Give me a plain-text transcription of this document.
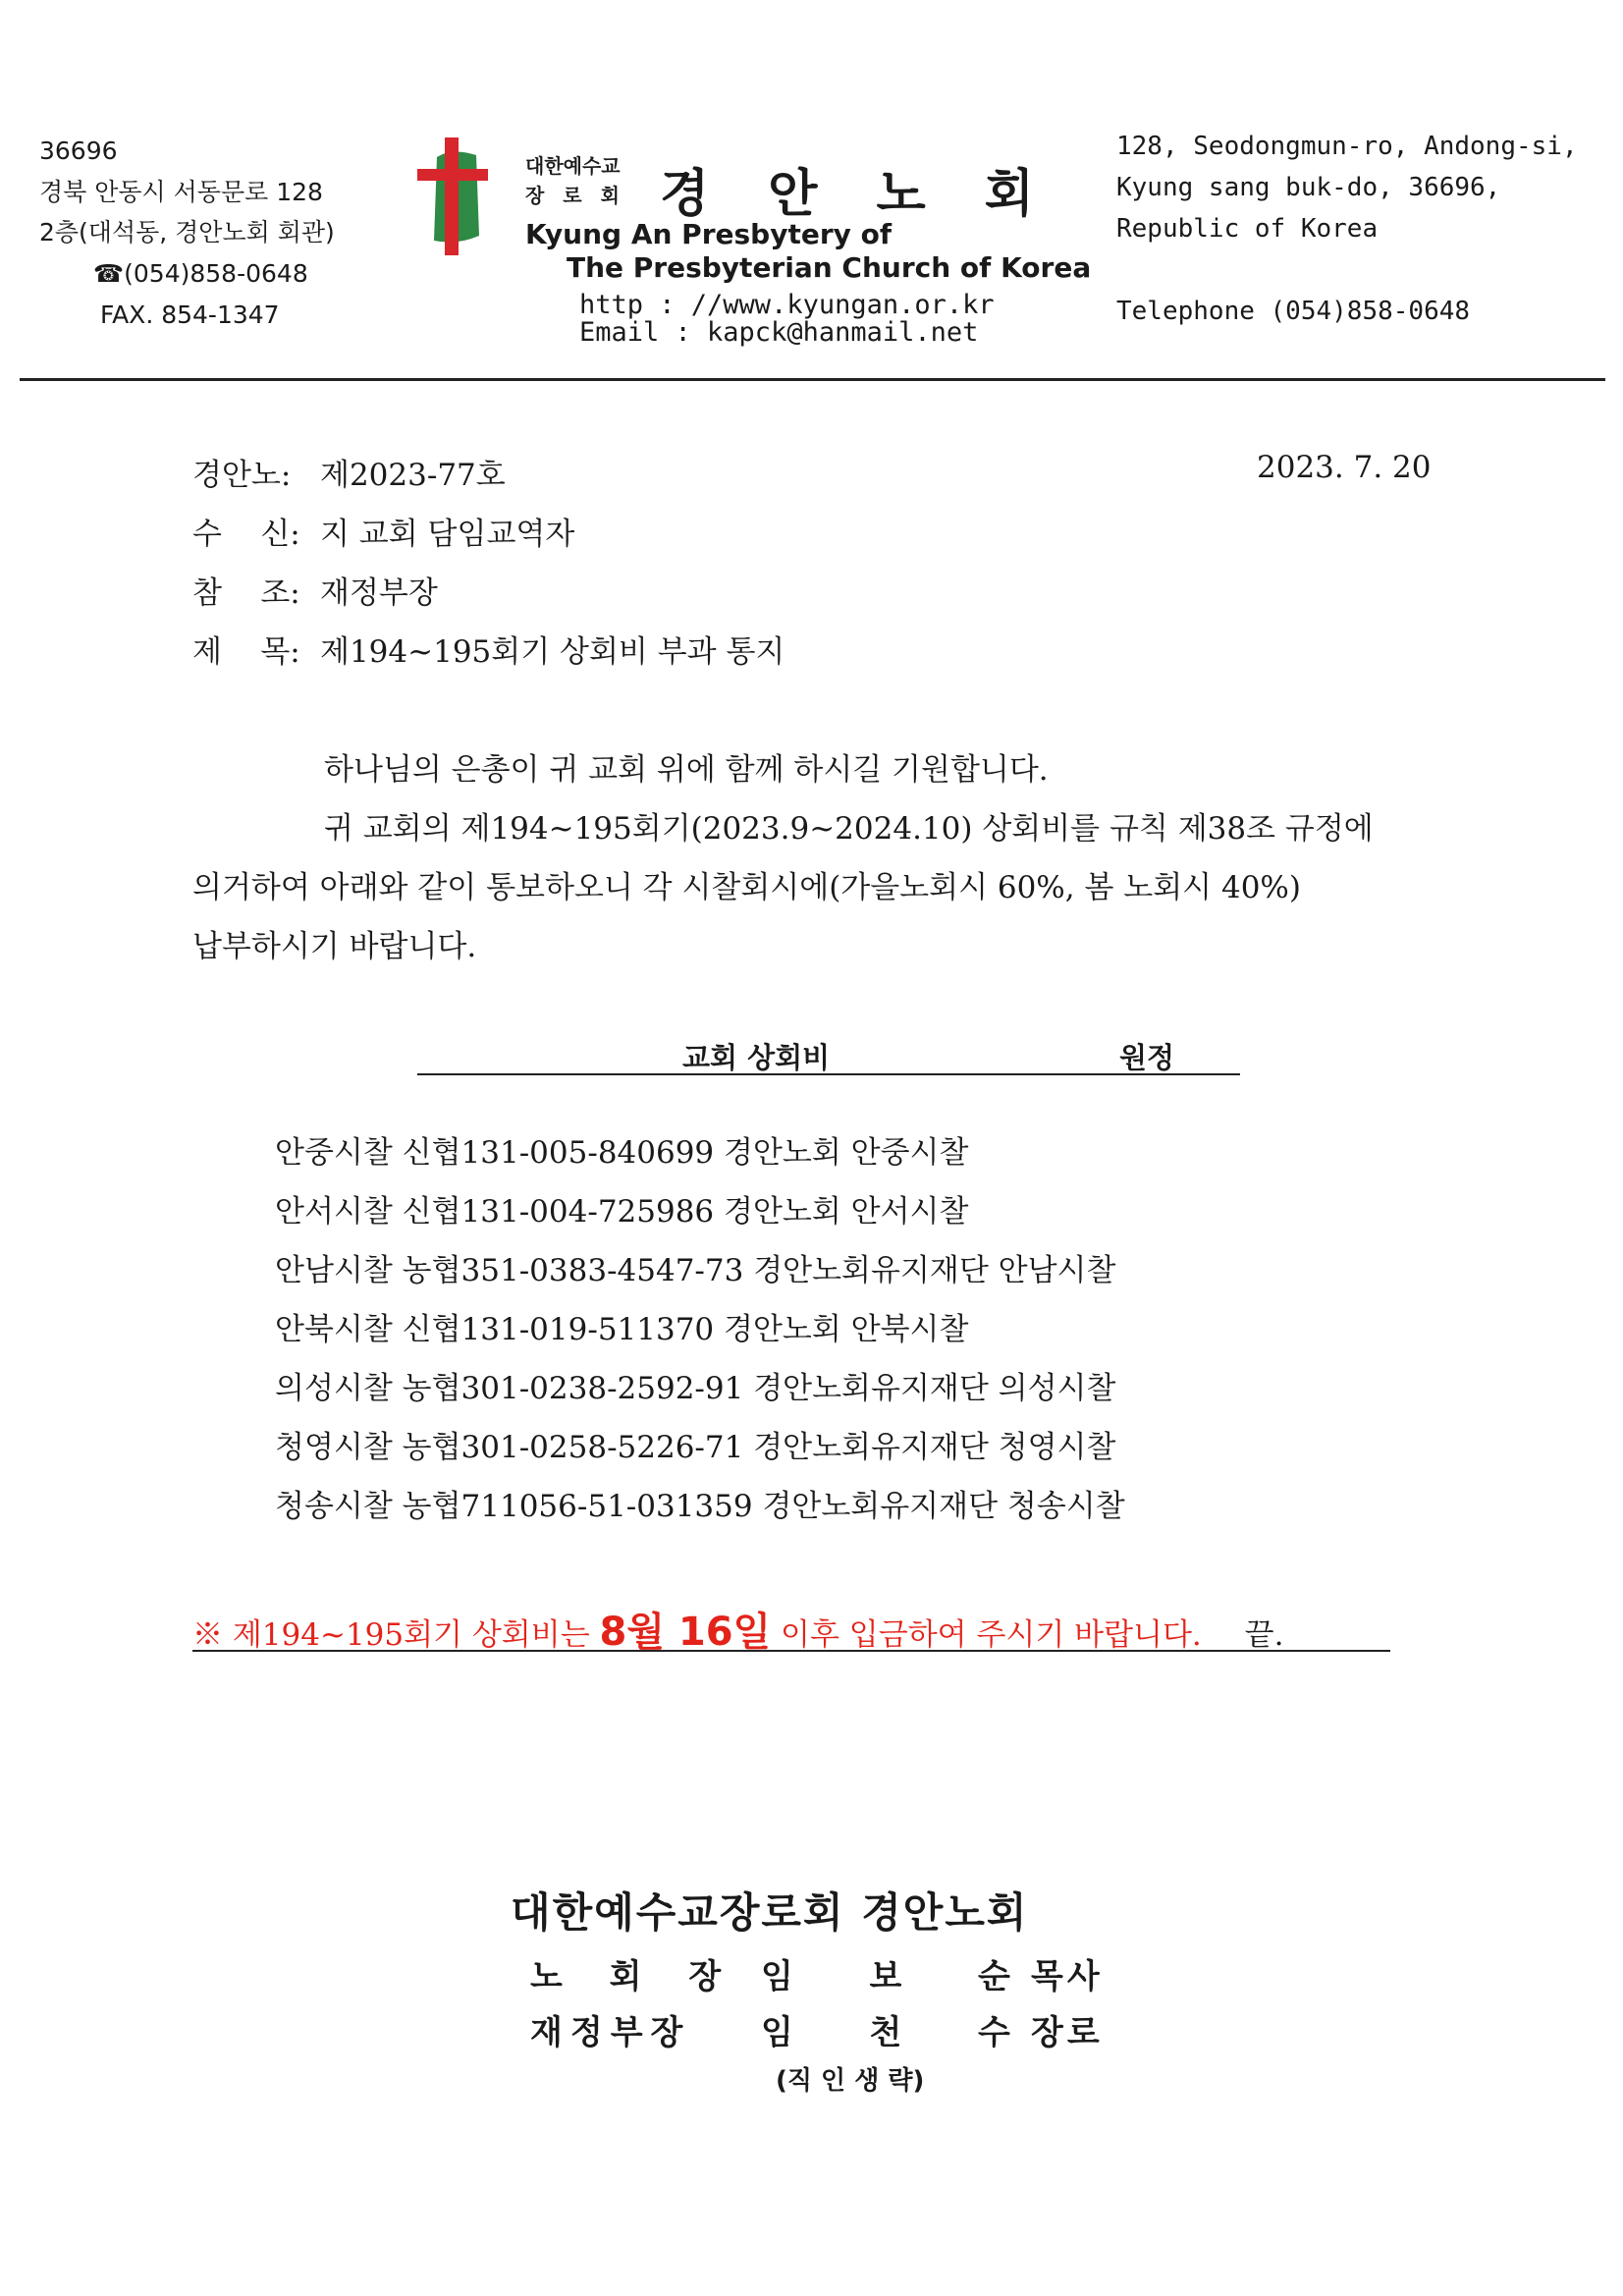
36696
경북 안동시 서동문로 128
2층(대석동, 경안노회 회관)
☎(054)858-0648
FAX. 854-1347
대한예수교
장 로 회 경안노회
Kyung An Presbytery of
The Presbyterian Church of Korea
http : //www.kyungan.or.kr
Email : kapck@hanmail.net
128, Seodongmun-ro, Andong-si,
Kyung sang buk-do, 36696,
Republic of Korea
Telephone (054)858-0648
경안노: 제2023-77호	2023. 7. 20
수    신: 지 교회 담임교역자
참    조: 재정부장
제    목: 제194~195회기 상회비 부과 통지
하나님의 은총이 귀 교회 위에 함께 하시길 기원합니다.
귀 교회의 제194~195회기(2023.9~2024.10) 상회비를 규칙 제38조 규정에
의거하여 아래와 같이 통보하오니 각 시찰회시에(가을노회시 60%, 봄 노회시 40%)
납부하시기 바랍니다.
교회 상회비	원정
안중시찰 신협131-005-840699 경안노회 안중시찰
안서시찰 신협131-004-725986 경안노회 안서시찰
안남시찰 농협351-0383-4547-73 경안노회유지재단 안남시찰
안북시찰 신협131-019-511370 경안노회 안북시찰
의성시찰 농협301-0238-2592-91 경안노회유지재단 의성시찰
청영시찰 농협301-0258-5226-71 경안노회유지재단 청영시찰
청송시찰 농협711056-51-031359 경안노회유지재단 청송시찰
※ 제194~195회기 상회비는 8월 16일 이후 입금하여 주시기 바랍니다. 끝.
대한예수교장로회 경안노회
노 회 장 임  보  순 목사
재정부장 임  천  수 장로
(직 인 생 략)
